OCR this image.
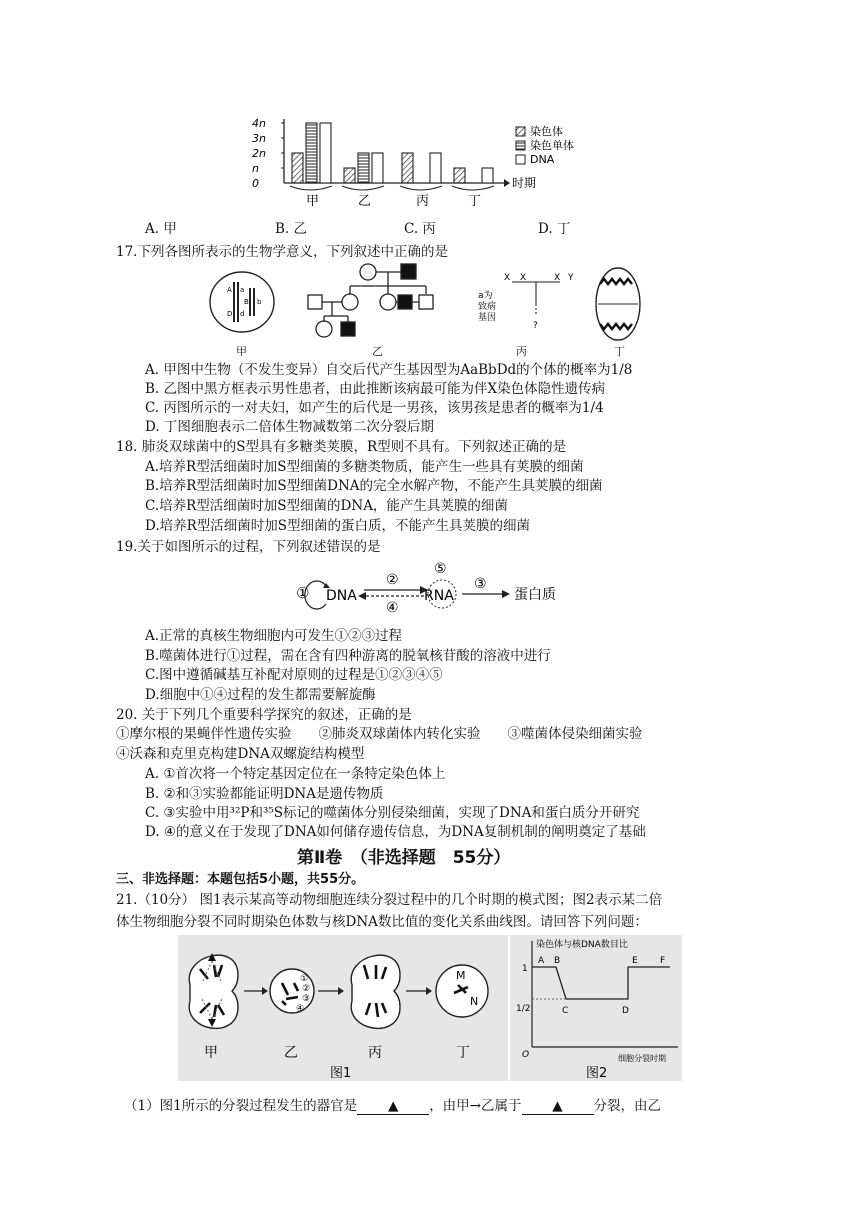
4n
3n
2n
n
0	时期
甲	乙	丙	丁
染色体
染色单体
DNA
A. 甲	B. 乙	C. 丙	D. 丁
17.下列各图所表示的生物学意义，下列叙述中正确的是
A a
B b
D d
a为
致病
基因
X X	X Y
?
甲	乙	丙	丁
A. 甲图中生物（不发生变异）自交后代产生基因型为AaBbDd的个体的概率为1/8
B. 乙图中黑方框表示男性患者，由此推断该病最可能为伴X染色体隐性遗传病
C. 丙图所示的一对夫妇，如产生的后代是一男孩，该男孩是患者的概率为1/4
D. 丁图细胞表示二倍体生物减数第二次分裂后期
18. 肺炎双球菌中的S型具有多糖类荚膜，R型则不具有。下列叙述正确的是
A.培养R型活细菌时加S型细菌的多糖类物质，能产生一些具有荚膜的细菌
B.培养R型活细菌时加S型细菌DNA的完全水解产物，不能产生具荚膜的细菌
C.培养R型活细菌时加S型细菌的DNA，能产生具荚膜的细菌
D.培养R型活细菌时加S型细菌的蛋白质，不能产生具荚膜的细菌
19.关于如图所示的过程，下列叙述错误的是
① DNA
②
④
RNA
⑤
③
蛋白质
A.正常的真核生物细胞内可发生①②③过程
B.噬菌体进行①过程，需在含有四种游离的脱氧核苷酸的溶液中进行
C.图中遵循碱基互补配对原则的过程是①②③④⑤
D.细胞中①④过程的发生都需要解旋酶
20. 关于下列几个重要科学探究的叙述，正确的是
①摩尔根的果蝇伴性遗传实验　　②肺炎双球菌体内转化实验　　③噬菌体侵染细菌实验
④沃森和克里克构建DNA双螺旋结构模型
A. ①首次将一个特定基因定位在一条特定染色体上
B. ②和③实验都能证明DNA是遗传物质
C. ③实验中用³²P和³⁵S标记的噬菌体分别侵染细菌，实现了DNA和蛋白质分开研究
D. ④的意义在于发现了DNA如何储存遗传信息，为DNA复制机制的阐明奠定了基础
第Ⅱ卷　（非选择题　55分）
三、非选择题：本题包括5小题，共55分。
21.（10分） 图1表示某高等动物细胞连续分裂过程中的几个时期的模式图；图2表示某二倍
体生物细胞分裂不同时期染色体数与核DNA数比值的变化关系曲线图。请回答下列问题：
①
②
③
④
M
N
甲	乙	丙	丁
图1
染色体与核DNA数目比
1
1/2
O	细胞分裂时期
A B
C	D
E F
图2
（1）图1所示的分裂过程发生的器官是 ▲ ，由甲→乙属于 ▲ 分裂，由乙
